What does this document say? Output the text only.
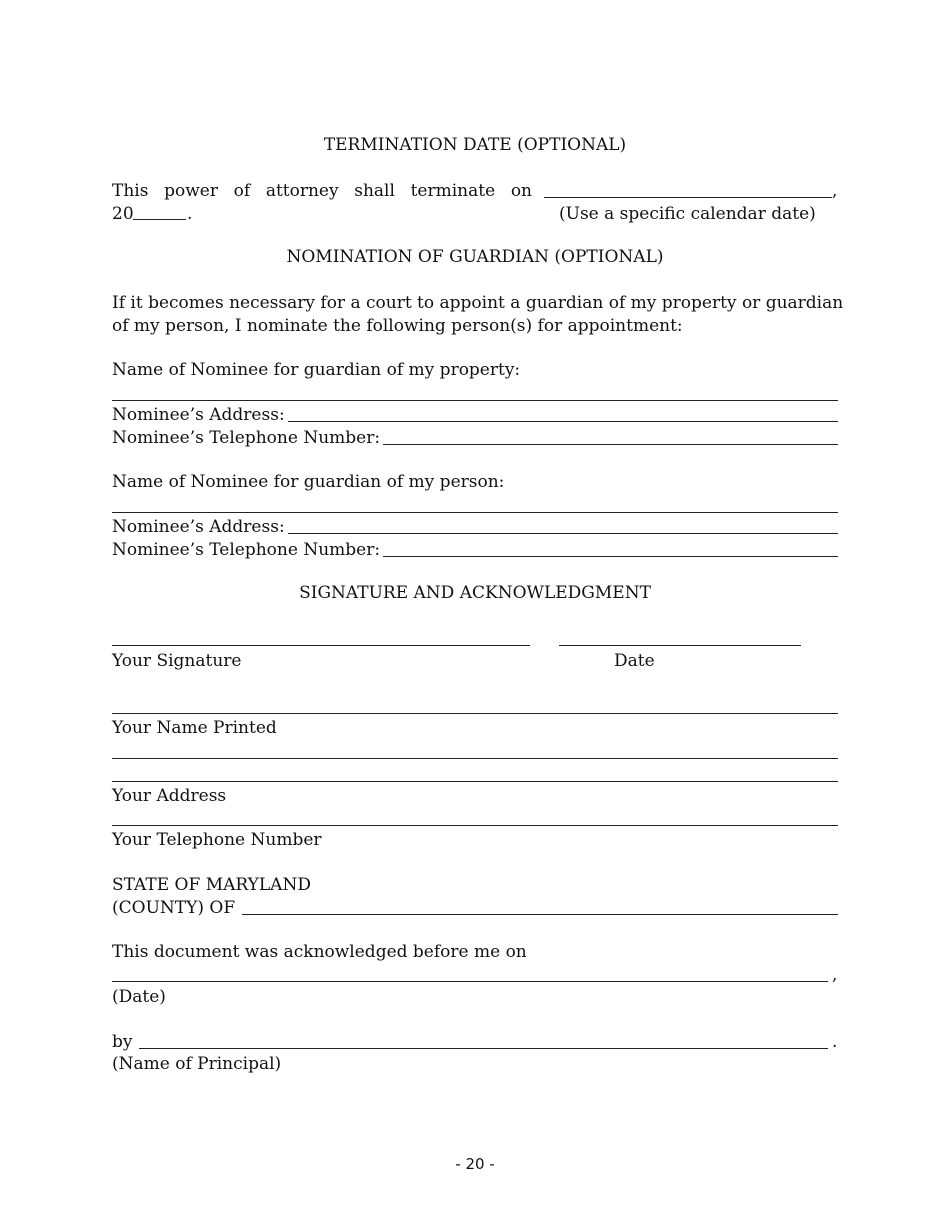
TERMINATION DATE (OPTIONAL)
This power of attorney shall terminate on	,
20	.	(Use a specific calendar date)
NOMINATION OF GUARDIAN (OPTIONAL)
If it becomes necessary for a court to appoint a guardian of my property or guardian
of my person, I nominate the following person(s) for appointment:
Name of Nominee for guardian of my property:
Nominee’s Address:
Nominee’s Telephone Number:
Name of Nominee for guardian of my person:
Nominee’s Address:
Nominee’s Telephone Number:
SIGNATURE AND ACKNOWLEDGMENT
Your Signature	Date
Your Name Printed
Your Address
Your Telephone Number
STATE OF MARYLAND
(COUNTY) OF
This document was acknowledged before me on
,
(Date)
by	.
(Name of Principal)
- 20 -
